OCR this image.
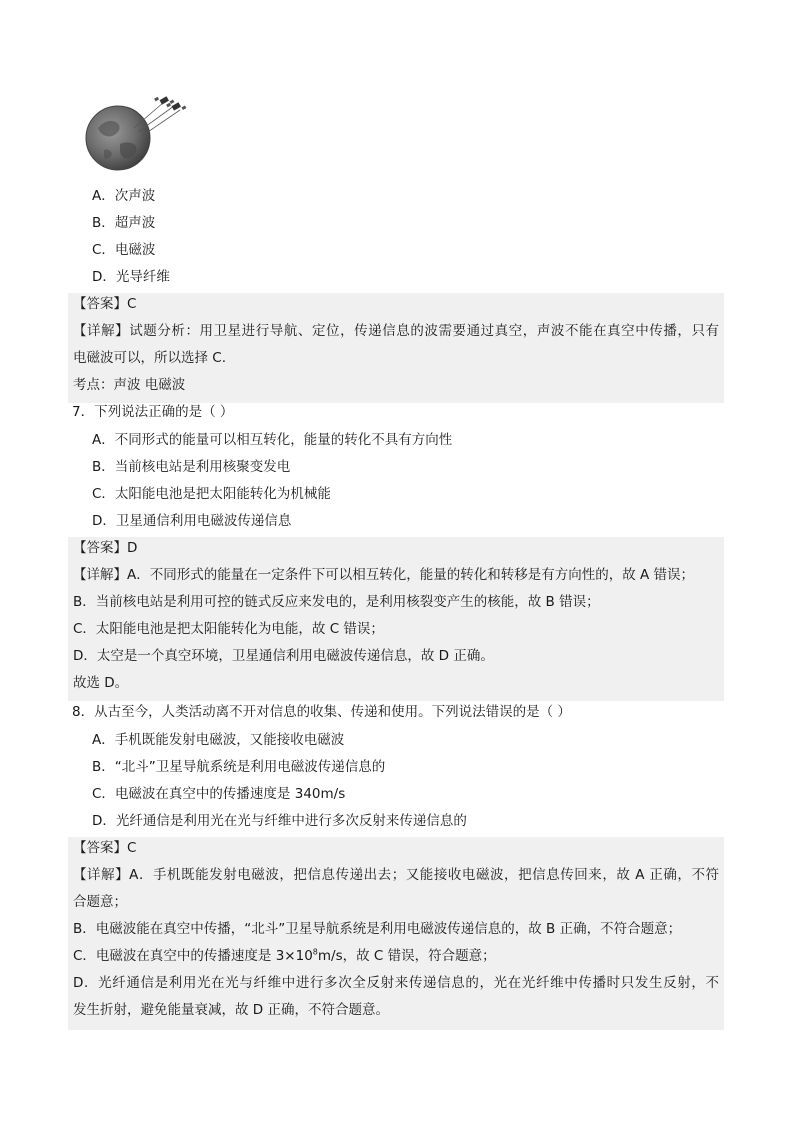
A．次声波
B．超声波
C．电磁波
D．光导纤维
【答案】C
【详解】试题分析：用卫星进行导航、定位，传递信息的波需要通过真空，声波不能在真空中传播，只有
电磁波可以，所以选择 C.
考点：声波 电磁波
7．下列说法正确的是（ ）
A．不同形式的能量可以相互转化，能量的转化不具有方向性
B．当前核电站是利用核聚变发电
C．太阳能电池是把太阳能转化为机械能
D．卫星通信利用电磁波传递信息
【答案】D
【详解】A．不同形式的能量在一定条件下可以相互转化，能量的转化和转移是有方向性的，故 A 错误；
B．当前核电站是利用可控的链式反应来发电的，是利用核裂变产生的核能，故 B 错误；
C．太阳能电池是把太阳能转化为电能，故 C 错误；
D．太空是一个真空环境，卫星通信利用电磁波传递信息，故 D 正确。
故选 D。
8．从古至今，人类活动离不开对信息的收集、传递和使用。下列说法错误的是（ ）
A．手机既能发射电磁波，又能接收电磁波
B．“北斗”卫星导航系统是利用电磁波传递信息的
C．电磁波在真空中的传播速度是 340m/s
D．光纤通信是利用光在光与纤维中进行多次反射来传递信息的
【答案】C
【详解】A．手机既能发射电磁波，把信息传递出去；又能接收电磁波，把信息传回来，故 A 正确，不符
合题意；
B．电磁波能在真空中传播，“北斗”卫星导航系统是利用电磁波传递信息的，故 B 正确，不符合题意；
C．电磁波在真空中的传播速度是 $3\times 10^8m/s$，故 C 错误，符合题意；
D．光纤通信是利用光在光与纤维中进行多次全反射来传递信息的，光在光纤维中传播时只发生反射，不
发生折射，避免能量衰减，故 D 正确，不符合题意。
